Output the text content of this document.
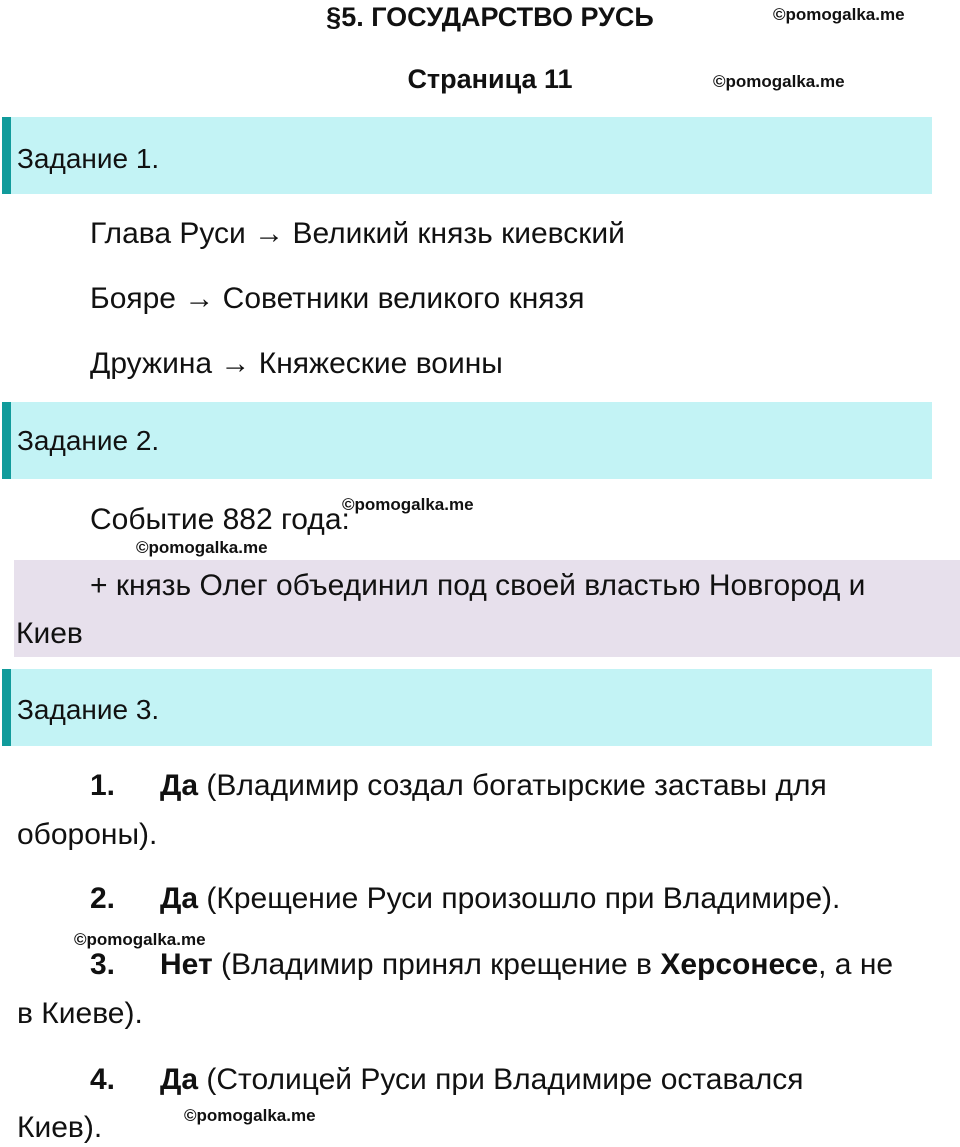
§5. ГОСУДАРСТВО РУСЬ
Страница 11
©pomogalka.me
©pomogalka.me
©pomogalka.me
©pomogalka.me
©pomogalka.me
©pomogalka.me
Задание 1.
Глава Руси → Великий князь киевский
Бояре → Советники великого князя
Дружина → Княжеские воины
Задание 2.
Событие 882 года:
+ князь Олег объединил под своей властью Новгород и
Киев
Задание 3.
1. Да (Владимир создал богатырские заставы для
обороны).
2. Да (Крещение Руси произошло при Владимире).
3. Нет (Владимир принял крещение в Херсонесе, а не
в Киеве).
4. Да (Столицей Руси при Владимире оставался
Киев).
